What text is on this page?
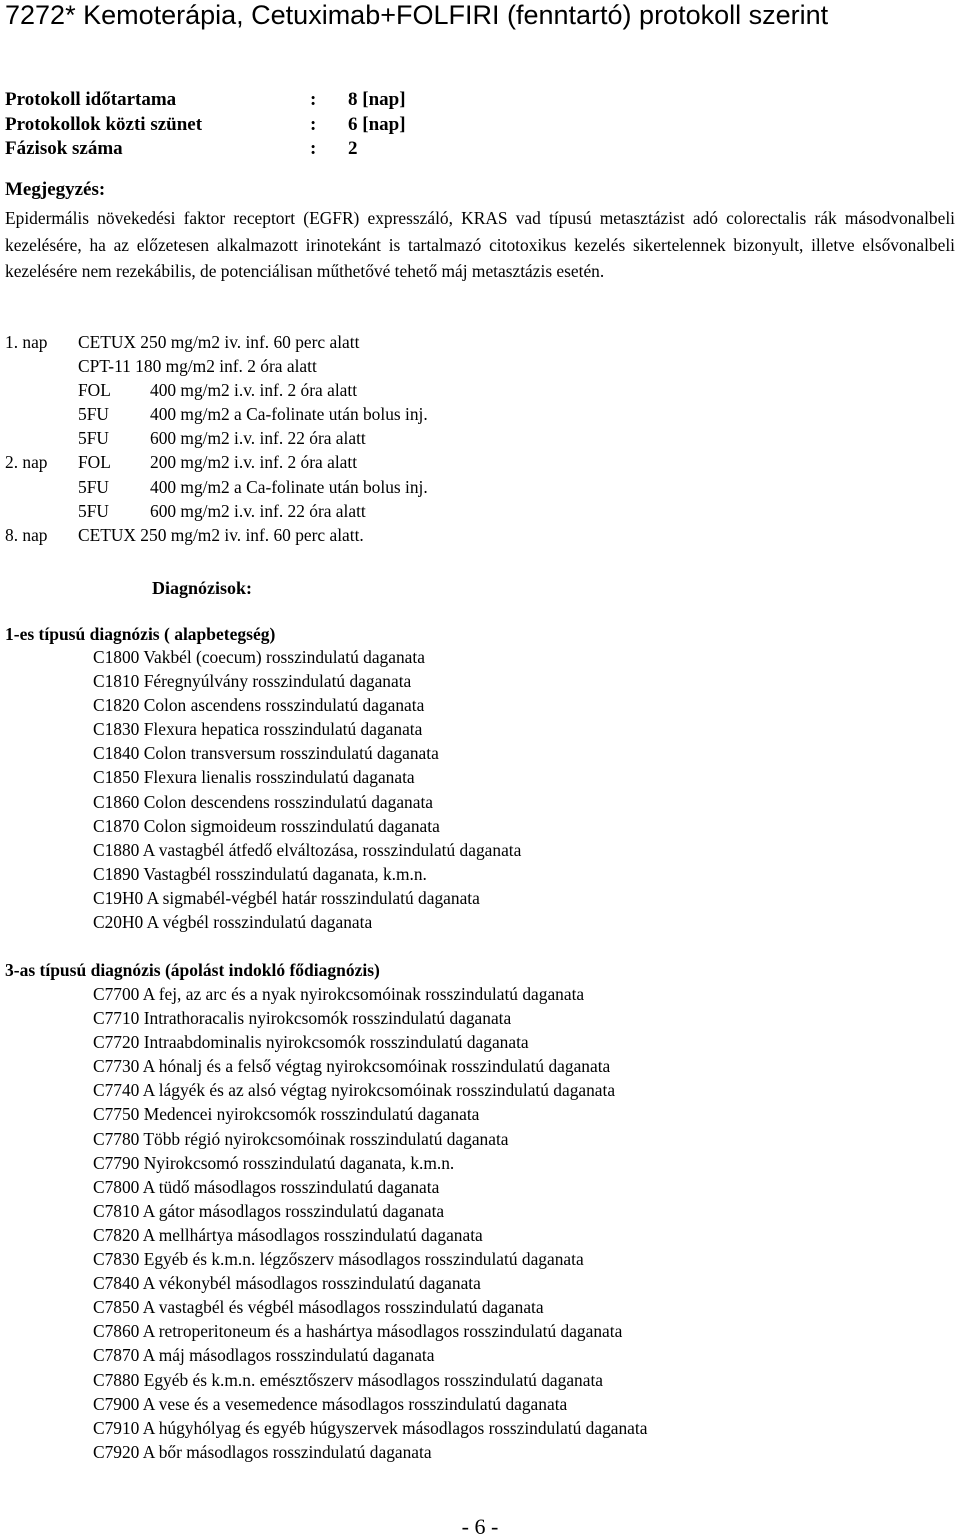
7272* Kemoterápia, Cetuximab+FOLFIRI (fenntartó) protokoll szerint
Protokoll időtartama	: 8 [nap]
Protokollok közti szünet	: 6 [nap]
Fázisok száma	: 2
Megjegyzés:
Epidermális növekedési faktor receptort (EGFR) expresszáló, KRAS vad típusú metasztázist adó colorectalis rák másodvonalbeli kezelésére, ha az előzetesen alkalmazott irinotekánt is tartalmazó citotoxikus kezelés sikertelennek bizonyult, illetve elsővonalbeli kezelésére nem rezekábilis, de potenciálisan műthetővé tehető máj metasztázis esetén.
1. nap CETUX 250 mg/m2 iv. inf. 60 perc alatt
CPT-11 180 mg/m2 inf. 2 óra alatt
FOL 400 mg/m2 i.v. inf. 2 óra alatt
5FU 400 mg/m2 a Ca-folinate után bolus inj.
5FU 600 mg/m2 i.v. inf. 22 óra alatt
2. nap FOL 200 mg/m2 i.v. inf. 2 óra alatt
5FU 400 mg/m2 a Ca-folinate után bolus inj.
5FU 600 mg/m2 i.v. inf. 22 óra alatt
8. nap CETUX 250 mg/m2 iv. inf. 60 perc alatt.
Diagnózisok:
1-es típusú diagnózis ( alapbetegség)
C1800 Vakbél (coecum) rosszindulatú daganata
C1810 Féregnyúlvány rosszindulatú daganata
C1820 Colon ascendens rosszindulatú daganata
C1830 Flexura hepatica rosszindulatú daganata
C1840 Colon transversum rosszindulatú daganata
C1850 Flexura lienalis rosszindulatú daganata
C1860 Colon descendens rosszindulatú daganata
C1870 Colon sigmoideum rosszindulatú daganata
C1880 A vastagbél átfedő elváltozása, rosszindulatú daganata
C1890 Vastagbél rosszindulatú daganata, k.m.n.
C19H0 A sigmabél-végbél határ rosszindulatú daganata
C20H0 A végbél rosszindulatú daganata
3-as típusú diagnózis (ápolást indokló fődiagnózis)
C7700 A fej, az arc és a nyak nyirokcsomóinak rosszindulatú daganata
C7710 Intrathoracalis nyirokcsomók rosszindulatú daganata
C7720 Intraabdominalis nyirokcsomók rosszindulatú daganata
C7730 A hónalj és a felső végtag nyirokcsomóinak rosszindulatú daganata
C7740 A lágyék és az alsó végtag nyirokcsomóinak rosszindulatú daganata
C7750 Medencei nyirokcsomók rosszindulatú daganata
C7780 Több régió nyirokcsomóinak rosszindulatú daganata
C7790 Nyirokcsomó rosszindulatú daganata, k.m.n.
C7800 A tüdő másodlagos rosszindulatú daganata
C7810 A gátor másodlagos rosszindulatú daganata
C7820 A mellhártya másodlagos rosszindulatú daganata
C7830 Egyéb és k.m.n. légzőszerv másodlagos rosszindulatú daganata
C7840 A vékonybél másodlagos rosszindulatú daganata
C7850 A vastagbél és végbél másodlagos rosszindulatú daganata
C7860 A retroperitoneum és a hashártya másodlagos rosszindulatú daganata
C7870 A máj másodlagos rosszindulatú daganata
C7880 Egyéb és k.m.n. emésztőszerv másodlagos rosszindulatú daganata
C7900 A vese és a vesemedence másodlagos rosszindulatú daganata
C7910 A húgyhólyag és egyéb húgyszervek másodlagos rosszindulatú daganata
C7920 A bőr másodlagos rosszindulatú daganata
- 6 -
